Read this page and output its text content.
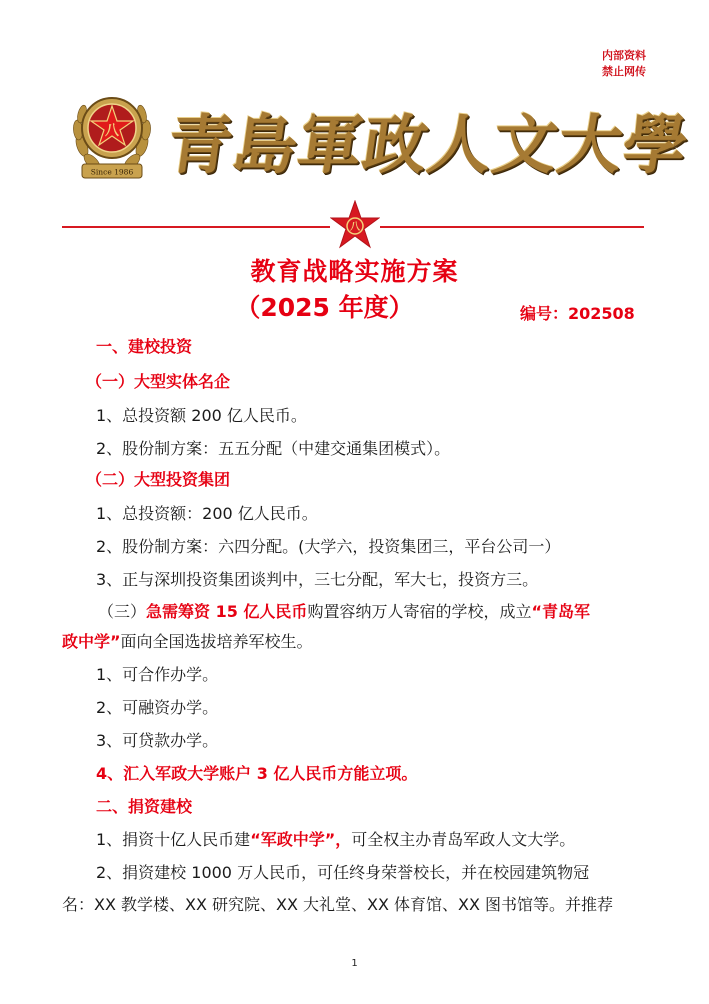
内部资料
禁止网传
八
Since 1986 青島軍政人文大學
八
教育战略实施方案
（2025 年度）	编号：202508
一、建校投资
（一）大型实体名企
1、总投资额 200 亿人民币。
2、股份制方案：五五分配（中建交通集团模式）。
（二）大型投资集团
1、总投资额：200 亿人民币。
2、股份制方案：六四分配。(大学六，投资集团三，平台公司一）
3、正与深圳投资集团谈判中，三七分配，军大七，投资方三。
（三）急需筹资 15 亿人民币购置容纳万人寄宿的学校，成立“青岛军
政中学”面向全国选拔培养军校生。
1、可合作办学。
2、可融资办学。
3、可贷款办学。
4、汇入军政大学账户 3 亿人民币方能立项。
二、捐资建校
1、捐资十亿人民币建“军政中学”，可全权主办青岛军政人文大学。
2、捐资建校 1000 万人民币，可任终身荣誉校长，并在校园建筑物冠
名：XX 教学楼、XX 研究院、XX 大礼堂、XX 体育馆、XX 图书馆等。并推荐
1
